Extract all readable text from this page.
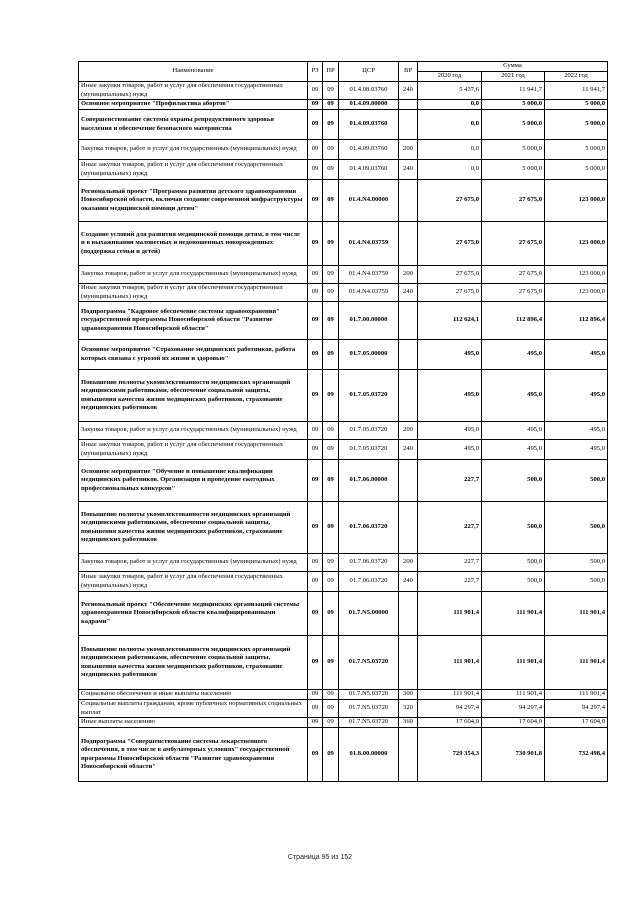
Наименование	РЗ	ПР	ЦСР	ВР	Сумма		
					2020 год	2021 год	2022 год
Иные закупки товаров, работ и услуг для обеспечения государственных (муниципальных) нужд	09	09	01.4.08.03760	240	5 437,6	11 941,7	11 941,7
Основное мероприятие "Профилактика абортов"	09	09	01.4.09.00000		0,0	5 000,0	5 000,0
Совершенствование системы охраны репродуктивного здоровья населения и обеспечение безопасного материнства	09	09	01.4.09.03760		0,0	5 000,0	5 000,0
Закупка товаров, работ и услуг для государственных (муниципальных) нужд	09	09	01.4.09.03760	200	0,0	5 000,0	5 000,0
Иные закупки товаров, работ и услуг для обеспечения государственных (муниципальных) нужд	09	09	01.4.09.03760	240	0,0	5 000,0	5 000,0
Региональный проект "Программа развития детского здравоохранения Новосибирской области, включая создание современной инфраструктуры оказания медицинской помощи детям"	09	09	01.4.N4.00000		27 675,0	27 675,0	123 000,0
Создание условий для развития медицинской помощи детям, в том числе и в выхаживании маловесных и недоношенных новорожденных (поддержка семьи и детей)	09	09	01.4.N4.03759		27 675,0	27 675,0	123 000,0
Закупка товаров, работ и услуг для государственных (муниципальных) нужд	09	09	01.4.N4.03759	200	27 675,0	27 675,0	123 000,0
Иные закупки товаров, работ и услуг для обеспечения государственных (муниципальных) нужд	09	09	01.4.N4.03759	240	27 675,0	27 675,0	123 000,0
Подпрограмма "Кадровое обеспечение системы здравоохранения" государственной программы Новосибирской области "Развитие здравоохранения Новосибирской области"	09	09	01.7.00.00000		112 624,1	112 896,4	112 896,4
Основное мероприятие "Страхование медицинских работников, работа которых связана с угрозой их жизни и здоровью"	09	09	01.7.05.00000		495,0	495,0	495,0
Повышение полноты укомплектованности медицинских организаций медицинскими работниками, обеспечение социальной защиты, повышения качества жизни медицинских работников, страхование медицинских работников	09	09	01.7.05.03720		495,0	495,0	495,0
Закупка товаров, работ и услуг для государственных (муниципальных) нужд	09	09	01.7.05.03720	200	495,0	495,0	495,0
Иные закупки товаров, работ и услуг для обеспечения государственных (муниципальных) нужд	09	09	01.7.05.03720	240	495,0	495,0	495,0
Основное мероприятие "Обучение и повышение квалификации медицинских работников. Организация и проведение ежегодных профессиональных конкурсов"	09	09	01.7.06.00000		227,7	500,0	500,0
Повышение полноты укомплектованности медицинских организаций медицинскими работниками, обеспечение социальной защиты, повышения качества жизни медицинских работников, страхование медицинских работников	09	09	01.7.06.03720		227,7	500,0	500,0
Закупка товаров, работ и услуг для государственных (муниципальных) нужд	09	09	01.7.06.03720	200	227,7	500,0	500,0
Иные закупки товаров, работ и услуг для обеспечения государственных (муниципальных) нужд	09	09	01.7.06.03720	240	227,7	500,0	500,0
Региональный проект "Обеспечение медицинских организаций системы здравоохранения Новосибирской области квалифицированными кадрами"	09	09	01.7.N5.00000		111 901,4	111 901,4	111 901,4
Повышение полноты укомплектованности медицинских организаций медицинскими работниками, обеспечение социальной защиты, повышения качества жизни медицинских работников, страхование медицинских работников	09	09	01.7.N5.03720		111 901,4	111 901,4	111 901,4
Социальное обеспечение и иные выплаты населению	09	09	01.7.N5.03720	300	111 901,4	111 901,4	111 901,4
Социальные выплаты гражданам, кроме публичных нормативных социальных выплат	09	09	01.7.N5.03720	320	94 297,4	94 297,4	94 297,4
Иные выплаты населению	09	09	01.7.N5.03720	360	17 604,0	17 604,0	17 604,0
Подпрограмма "Совершенствование системы лекарственного обеспечения, в том числе в амбулаторных условиях" государственной программы Новосибирской области "Развитие здравоохранения Новосибирской области"	09	09	01.8.00.00000		729 354,3	730 901,8	732 498,4
Страница 95 из 152
